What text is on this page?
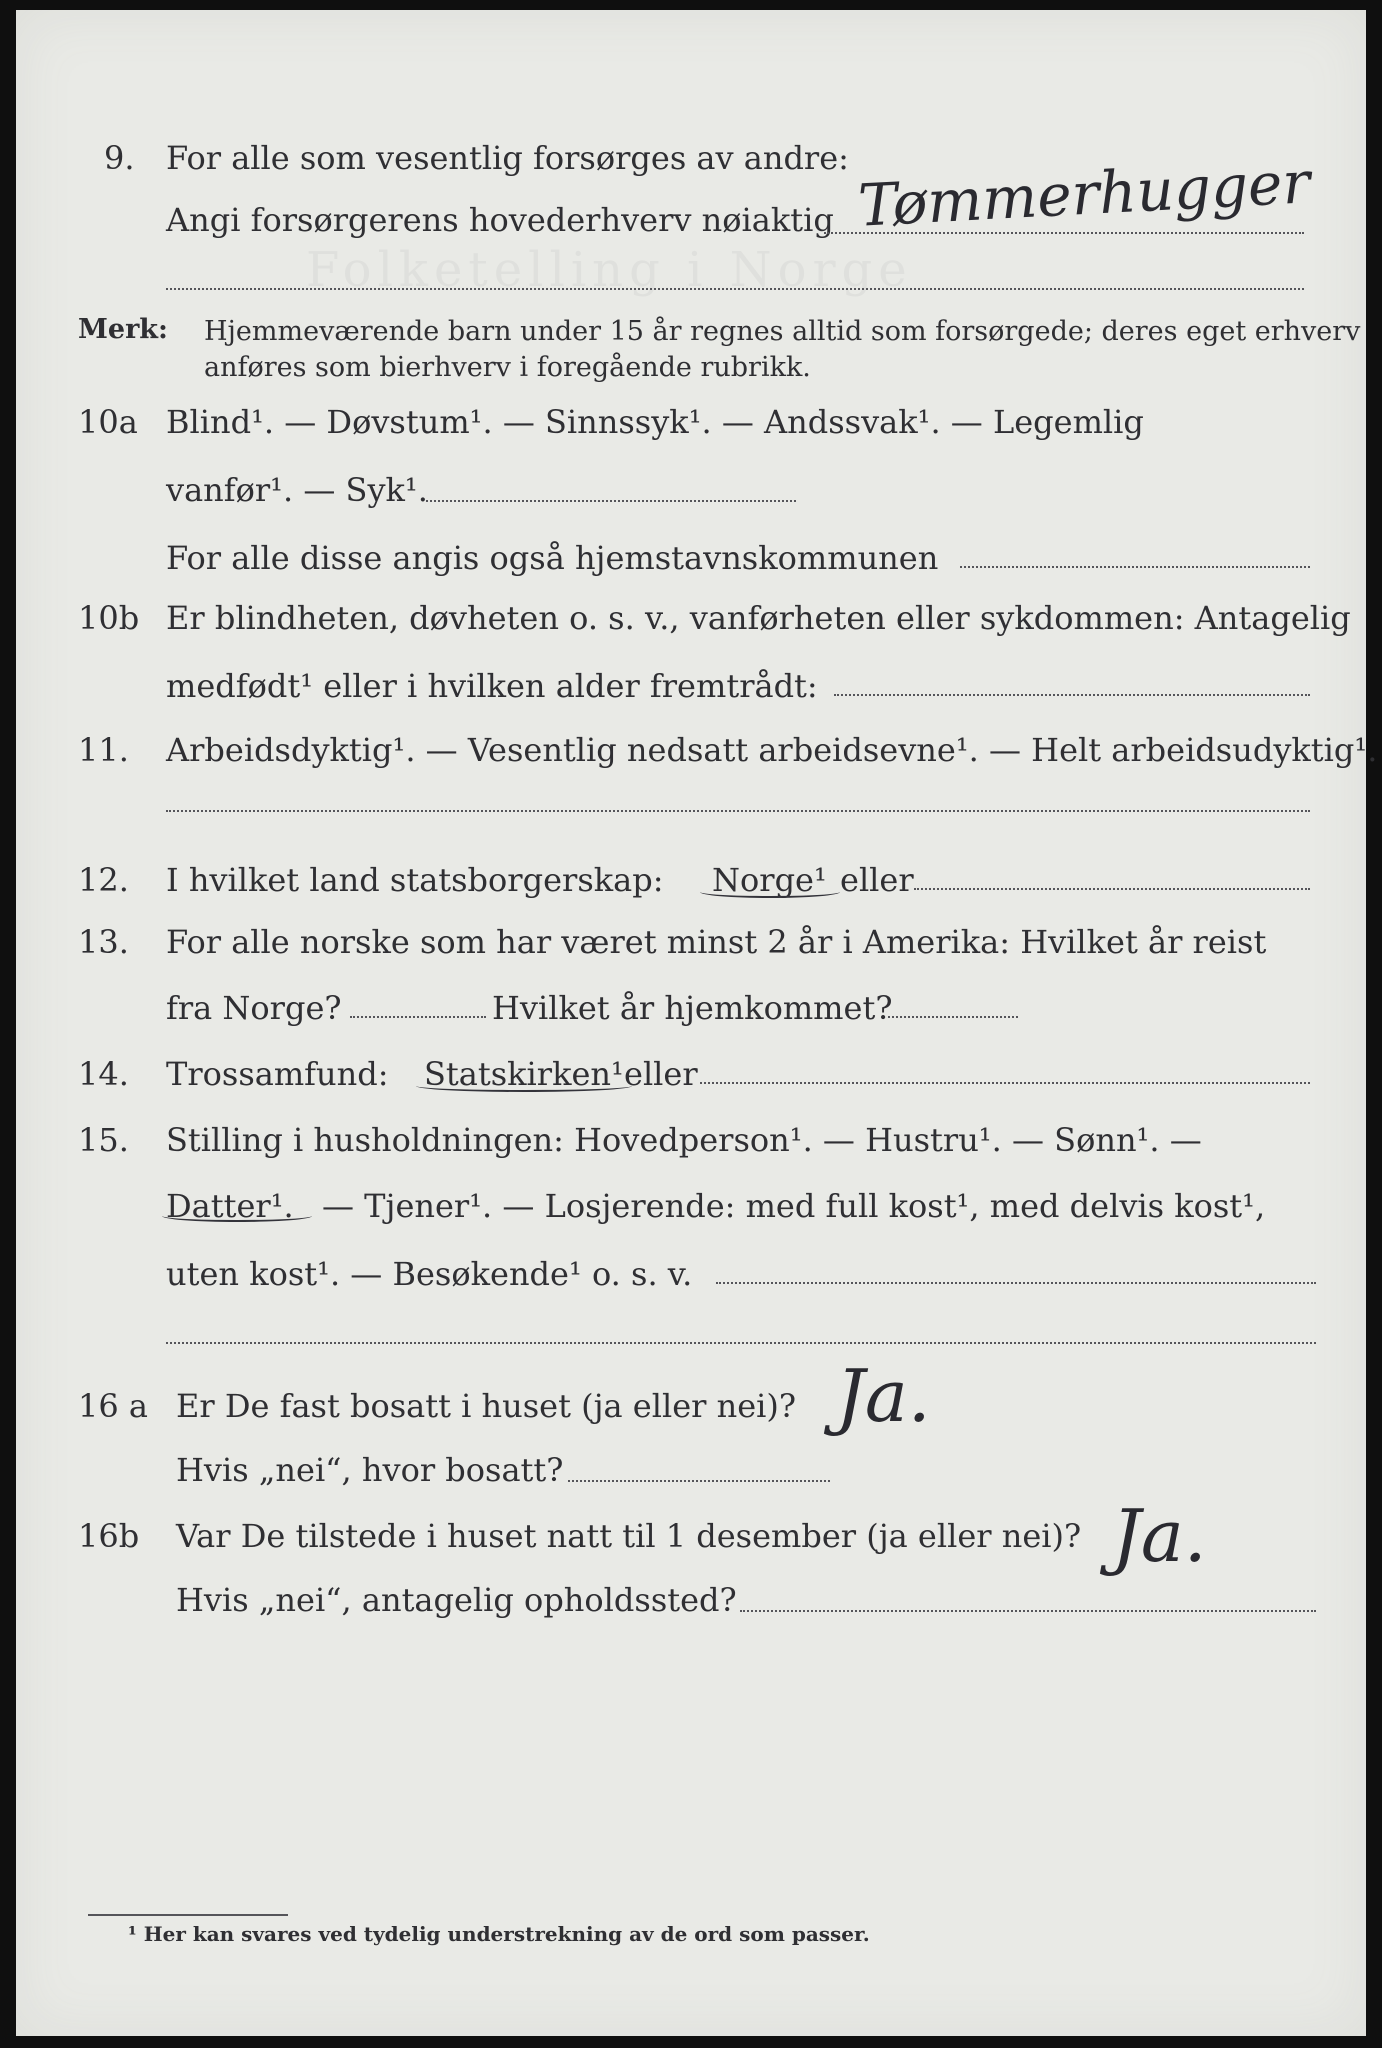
Folketelling i Norge
9. For alle som vesentlig forsørges av andre: Tømmerhugger
Angi forsørgerens hovederhverv nøiaktig
Merk: Hjemmeværende barn under 15 år regnes alltid som forsørgede; deres eget erhverv
anføres som bierhverv i foregående rubrikk.
10a Blind¹. — Døvstum¹. — Sinnssyk¹. — Andssvak¹. — Legemlig
vanfør¹. — Syk¹.
For alle disse angis også hjemstavnskommunen
10b Er blindheten, døvheten o. s. v., vanførheten eller sykdommen: Antagelig
medfødt¹ eller i hvilken alder fremtrådt:
11. Arbeidsdyktig¹. — Vesentlig nedsatt arbeidsevne¹. — Helt arbeidsudyktig¹.
12. I hvilket land statsborgerskap: Norge¹ eller
13. For alle norske som har været minst 2 år i Amerika: Hvilket år reist
fra Norge?	Hvilket år hjemkommet?
14. Trossamfund: Statskirken¹ eller
15. Stilling i husholdningen: Hovedperson¹. — Hustru¹. — Sønn¹. —
Datter¹. — Tjener¹. — Losjerende: med full kost¹, med delvis kost¹,
uten kost¹. — Besøkende¹ o. s. v.
16 a Er De fast bosatt i huset (ja eller nei)? Ja.
Hvis „nei“, hvor bosatt?
16b Var De tilstede i huset natt til 1 desember (ja eller nei)? Ja.
Hvis „nei“, antagelig opholdssted?
¹ Her kan svares ved tydelig understrekning av de ord som passer.
